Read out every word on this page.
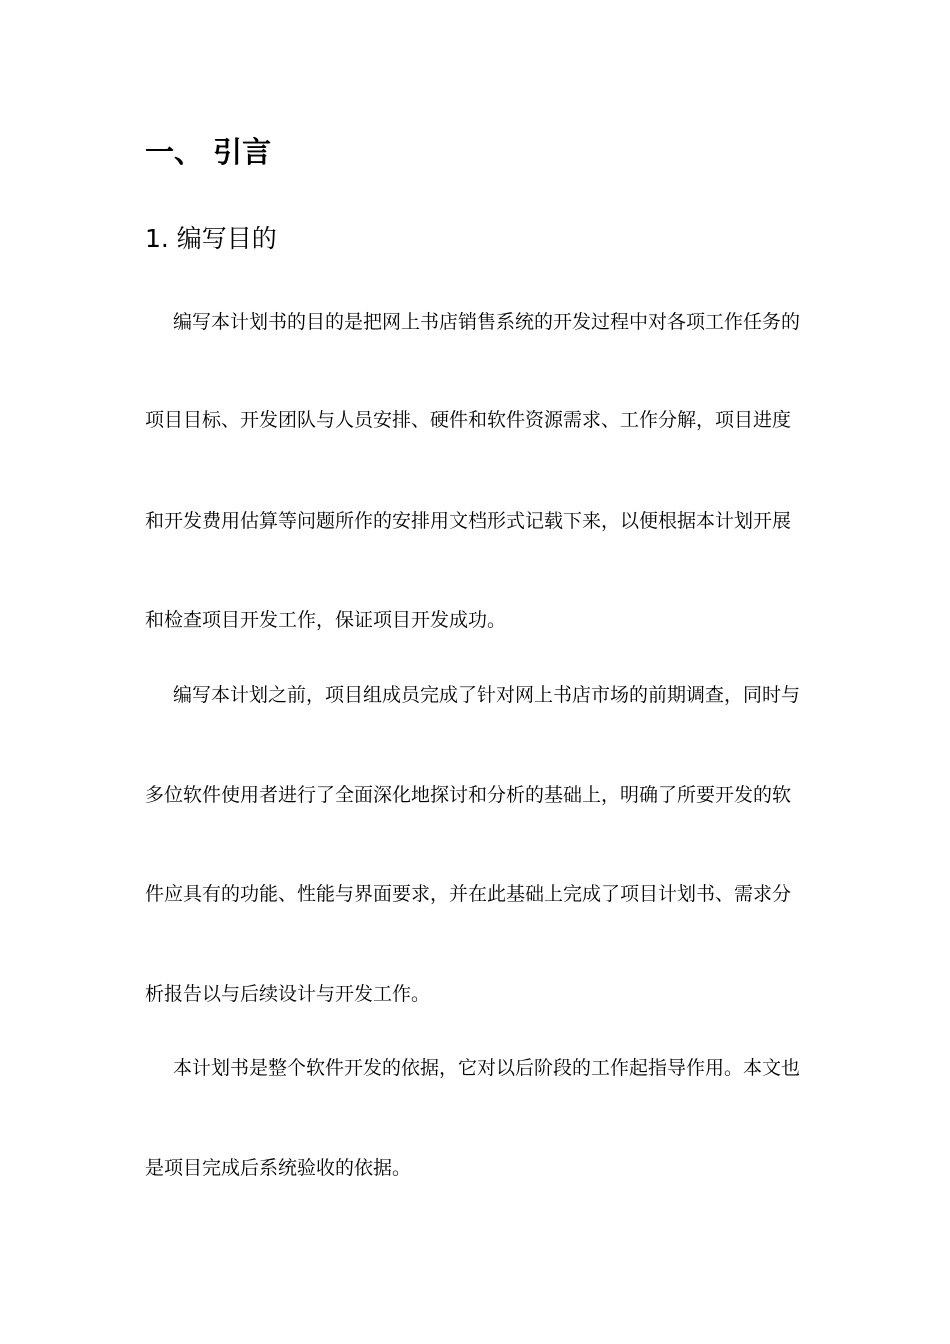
一、 引言
1. 编写目的
编写本计划书的目的是把网上书店销售系统的开发过程中对各项工作任务的
项目目标、开发团队与人员安排、硬件和软件资源需求、工作分解，项目进度
和开发费用估算等问题所作的安排用文档形式记载下来，以便根据本计划开展
和检查项目开发工作，保证项目开发成功。
编写本计划之前，项目组成员完成了针对网上书店市场的前期调查，同时与
多位软件使用者进行了全面深化地探讨和分析的基础上，明确了所要开发的软
件应具有的功能、性能与界面要求，并在此基础上完成了项目计划书、需求分
析报告以与后续设计与开发工作。
本计划书是整个软件开发的依据，它对以后阶段的工作起指导作用。本文也
是项目完成后系统验收的依据。
